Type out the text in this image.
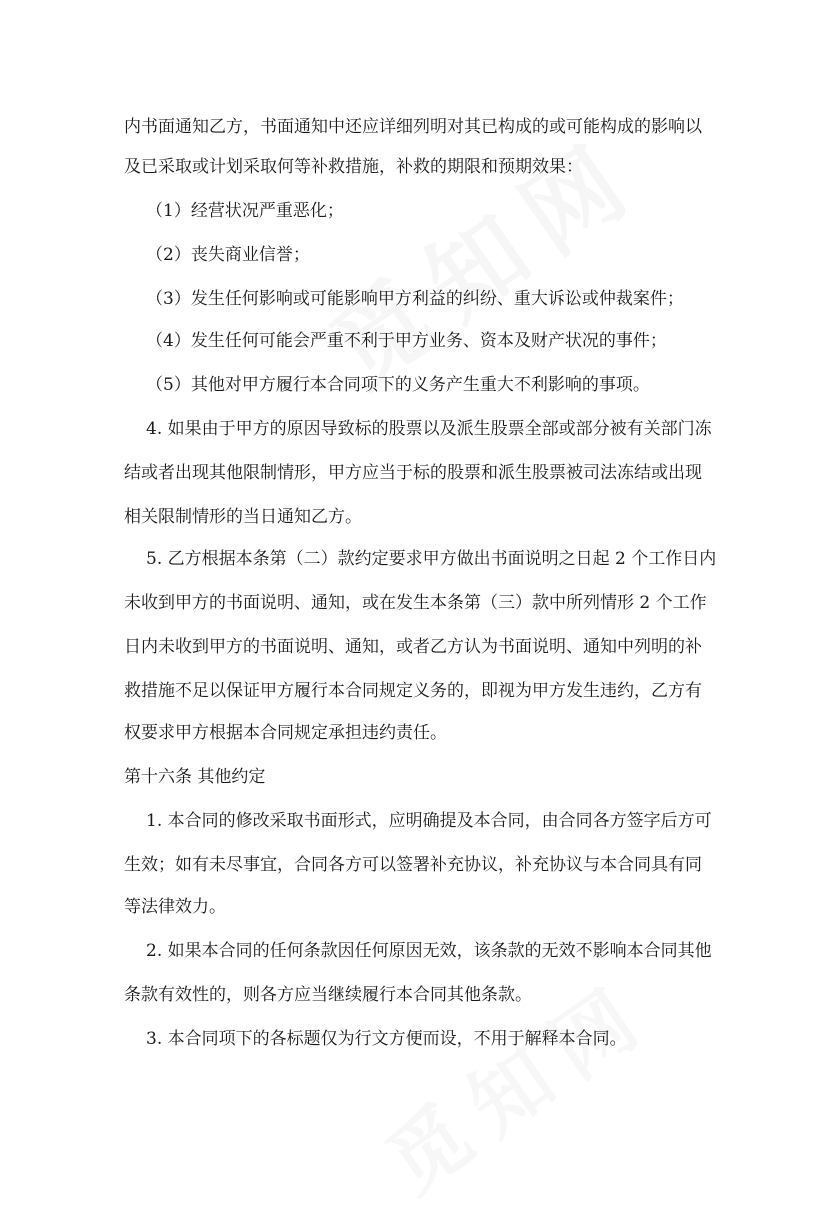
内书面通知乙方，书面通知中还应详细列明对其已构成的或可能构成的影响以
及已采取或计划采取何等补救措施，补救的期限和预期效果：
（1）经营状况严重恶化；
（2）丧失商业信誉；
（3）发生任何影响或可能影响甲方利益的纠纷、重大诉讼或仲裁案件；
（4）发生任何可能会严重不利于甲方业务、资本及财产状况的事件；
（5）其他对甲方履行本合同项下的义务产生重大不利影响的事项。
4. 如果由于甲方的原因导致标的股票以及派生股票全部或部分被有关部门冻
结或者出现其他限制情形，甲方应当于标的股票和派生股票被司法冻结或出现
相关限制情形的当日通知乙方。
5. 乙方根据本条第（二）款约定要求甲方做出书面说明之日起 2 个工作日内
未收到甲方的书面说明、通知，或在发生本条第（三）款中所列情形 2 个工作
日内未收到甲方的书面说明、通知，或者乙方认为书面说明、通知中列明的补
救措施不足以保证甲方履行本合同规定义务的，即视为甲方发生违约，乙方有
权要求甲方根据本合同规定承担违约责任。
第十六条 其他约定
1. 本合同的修改采取书面形式，应明确提及本合同，由合同各方签字后方可
生效；如有未尽事宜，合同各方可以签署补充协议，补充协议与本合同具有同
等法律效力。
2. 如果本合同的任何条款因任何原因无效，该条款的无效不影响本合同其他
条款有效性的，则各方应当继续履行本合同其他条款。
3. 本合同项下的各标题仅为行文方便而设，不用于解释本合同。
